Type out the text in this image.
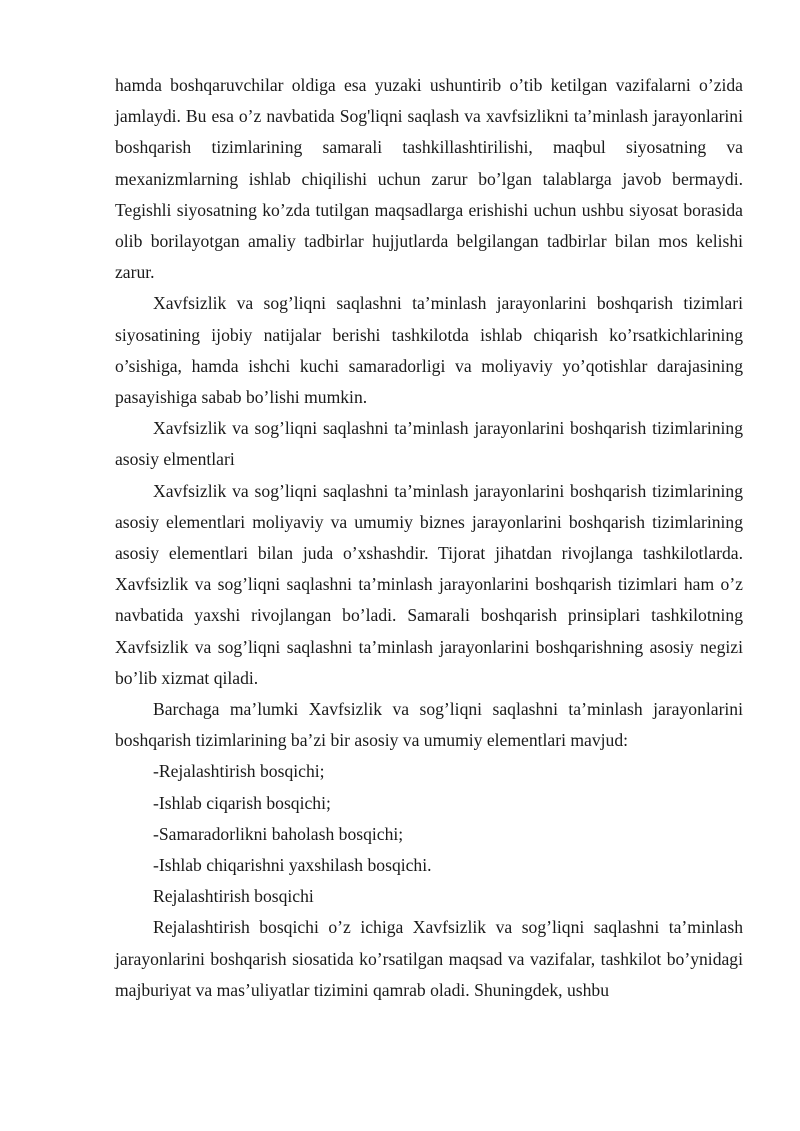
hamda boshqaruvchilar oldiga esa yuzaki ushuntirib o’tib ketilgan vazifalarni o’zida jamlaydi. Bu esa o’z navbatida Sog'liqni saqlash va xavfsizlikni ta’minlash jarayonlarini boshqarish tizimlarining samarali tashkillashtirilishi, maqbul siyosatning va mexanizmlarning ishlab chiqilishi uchun zarur bo’lgan talablarga javob bermaydi. Tegishli siyosatning ko’zda tutilgan maqsadlarga erishishi uchun ushbu siyosat borasida olib borilayotgan amaliy tadbirlar hujjutlarda belgilangan tadbirlar bilan mos kelishi zarur.

Xavfsizlik va sog’liqni saqlashni ta’minlash jarayonlarini boshqarish tizimlari siyosatining ijobiy natijalar berishi tashkilotda ishlab chiqarish ko’rsatkichlarining o’sishiga, hamda ishchi kuchi samaradorligi va moliyaviy yo’qotishlar darajasining pasayishiga sabab bo’lishi mumkin.

Xavfsizlik va sog’liqni saqlashni ta’minlash jarayonlarini boshqarish tizimlarining asosiy elmentlari

Xavfsizlik va sog’liqni saqlashni ta’minlash jarayonlarini boshqarish tizimlarining asosiy elementlari moliyaviy va umumiy biznes jarayonlarini boshqarish tizimlarining asosiy elementlari bilan juda o’xshashdir. Tijorat jihatdan rivojlanga tashkilotlarda. Xavfsizlik va sog’liqni saqlashni ta’minlash jarayonlarini boshqarish tizimlari ham o’z navbatida yaxshi rivojlangan bo’ladi. Samarali boshqarish prinsiplari tashkilotning Xavfsizlik va sog’liqni saqlashni ta’minlash jarayonlarini boshqarishning asosiy negizi bo’lib xizmat qiladi.

Barchaga ma’lumki Xavfsizlik va sog’liqni saqlashni ta’minlash jarayonlarini boshqarish tizimlarining ba’zi bir asosiy va umumiy elementlari mavjud:

-Rejalashtirish bosqichi;

-Ishlab ciqarish bosqichi;

-Samaradorlikni baholash bosqichi;

-Ishlab chiqarishni yaxshilash bosqichi.

Rejalashtirish bosqichi

Rejalashtirish bosqichi o’z ichiga Xavfsizlik va sog’liqni saqlashni ta’minlash jarayonlarini boshqarish siosatida ko’rsatilgan maqsad va vazifalar, tashkilot bo’ynidagi majburiyat va mas’uliyatlar tizimini qamrab oladi. Shuningdek, ushbu
